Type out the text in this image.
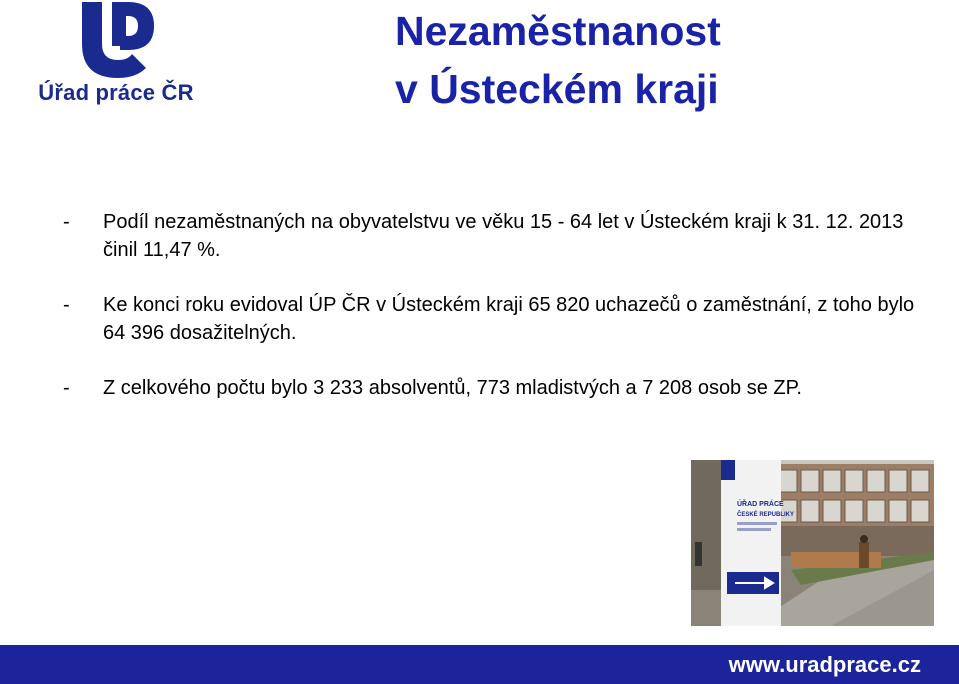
Úřad práce ČR
Nezaměstnanost
v Ústeckém kraji
-	Podíl nezaměstnaných na obyvatelstvu ve věku 15 - 64 let v Ústeckém kraji k 31. 12. 2013 činil 11,47 %.
-	Ke konci roku evidoval ÚP ČR v Ústeckém kraji 65 820 uchazečů o zaměstnání, z toho bylo 64 396 dosažitelných.
-	Z celkového počtu bylo 3 233 absolventů, 773 mladistvých a 7 208 osob se ZP.
ÚŘAD PRÁCE
ČESKÉ REPUBLIKY
www.uradprace.cz
